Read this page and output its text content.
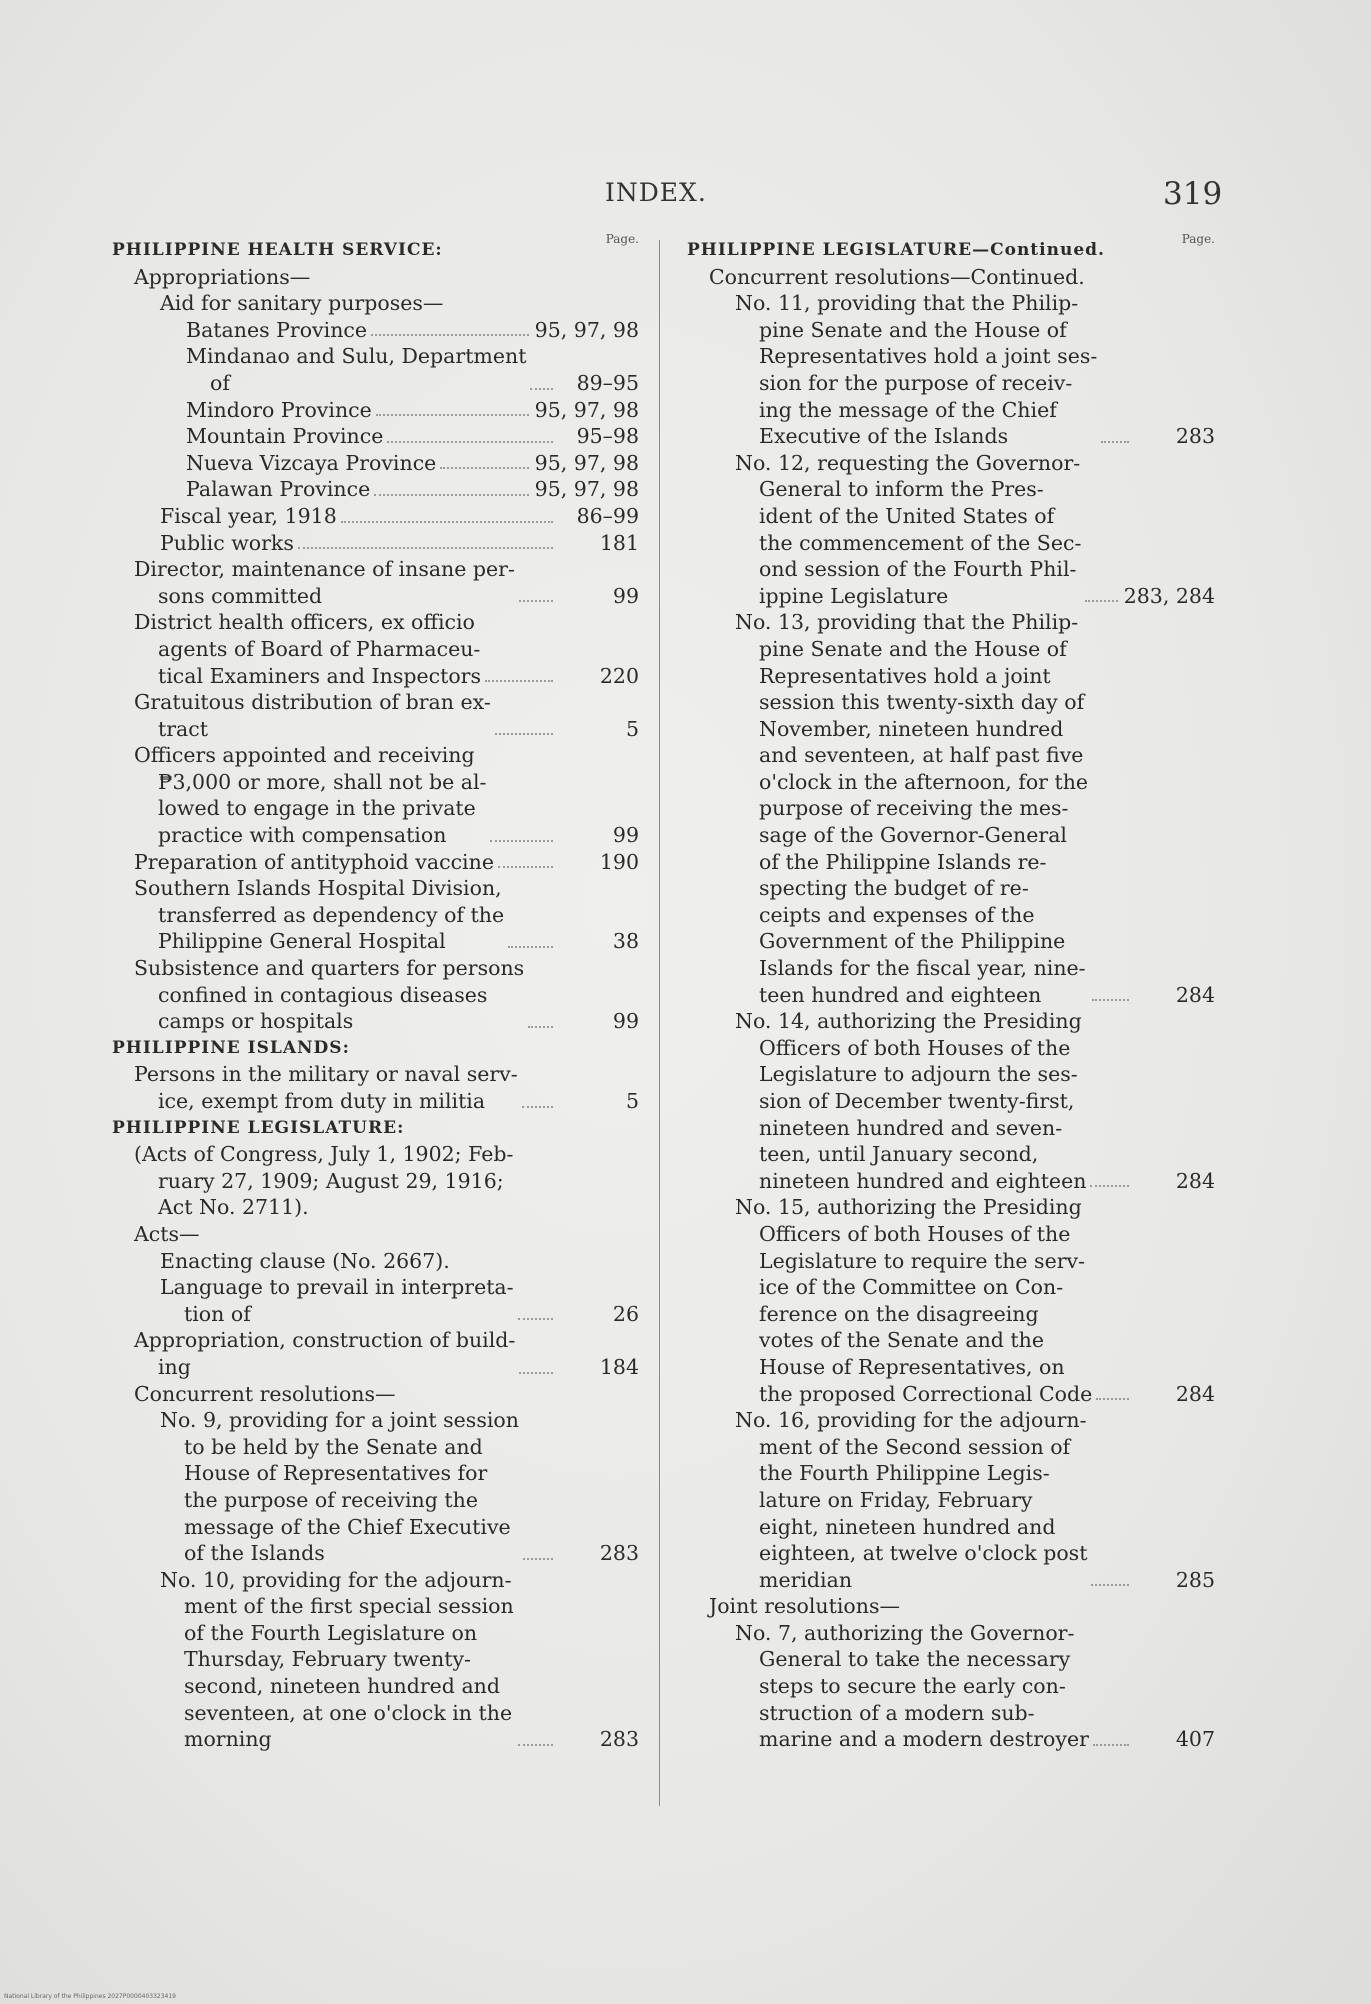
INDEX.	319
Page.
PHILIPPINE HEALTH SERVICE:
Appropriations—
Aid for sanitary purposes—
Batanes Province	95, 97, 98
Mindanao and Sulu, Department
of	89–95
Mindoro Province	95, 97, 98
Mountain Province	95–98
Nueva Vizcaya Province	95, 97, 98
Palawan Province	95, 97, 98
Fiscal year, 1918	86–99
Public works	181
Director, maintenance of insane per-
sons committed	99
District health officers, ex officio
agents of Board of Pharmaceu-
tical Examiners and Inspectors	220
Gratuitous distribution of bran ex-
tract	5
Officers appointed and receiving
₱3,000 or more, shall not be al-
lowed to engage in the private
practice with compensation	99
Preparation of antityphoid vaccine	190
Southern Islands Hospital Division,
transferred as dependency of the
Philippine General Hospital	38
Subsistence and quarters for persons
confined in contagious diseases
camps or hospitals	99
PHILIPPINE ISLANDS:
Persons in the military or naval serv-
ice, exempt from duty in militia	5
PHILIPPINE LEGISLATURE:
(Acts of Congress, July 1, 1902; Feb-
ruary 27, 1909; August 29, 1916;
Act No. 2711).
Acts—
Enacting clause (No. 2667).
Language to prevail in interpreta-
tion of	26
Appropriation, construction of build-
ing	184
Concurrent resolutions—
No. 9, providing for a joint session
to be held by the Senate and
House of Representatives for
the purpose of receiving the
message of the Chief Executive
of the Islands	283
No. 10, providing for the adjourn-
ment of the first special session
of the Fourth Legislature on
Thursday, February twenty-
second, nineteen hundred and
seventeen, at one o'clock in the
morning	283
Page.
PHILIPPINE LEGISLATURE—Continued.
Concurrent resolutions—Continued.
No. 11, providing that the Philip-
pine Senate and the House of
Representatives hold a joint ses-
sion for the purpose of receiv-
ing the message of the Chief
Executive of the Islands	283
No. 12, requesting the Governor-
General to inform the Pres-
ident of the United States of
the commencement of the Sec-
ond session of the Fourth Phil-
ippine Legislature	283, 284
No. 13, providing that the Philip-
pine Senate and the House of
Representatives hold a joint
session this twenty-sixth day of
November, nineteen hundred
and seventeen, at half past five
o'clock in the afternoon, for the
purpose of receiving the mes-
sage of the Governor-General
of the Philippine Islands re-
specting the budget of re-
ceipts and expenses of the
Government of the Philippine
Islands for the fiscal year, nine-
teen hundred and eighteen	284
No. 14, authorizing the Presiding
Officers of both Houses of the
Legislature to adjourn the ses-
sion of December twenty-first,
nineteen hundred and seven-
teen, until January second,
nineteen hundred and eighteen	284
No. 15, authorizing the Presiding
Officers of both Houses of the
Legislature to require the serv-
ice of the Committee on Con-
ference on the disagreeing
votes of the Senate and the
House of Representatives, on
the proposed Correctional Code	284
No. 16, providing for the adjourn-
ment of the Second session of
the Fourth Philippine Legis-
lature on Friday, February
eight, nineteen hundred and
eighteen, at twelve o'clock post
meridian	285
Joint resolutions—
No. 7, authorizing the Governor-
General to take the necessary
steps to secure the early con-
struction of a modern sub-
marine and a modern destroyer	407
National Library of the Philippines 2027P0000403323419
